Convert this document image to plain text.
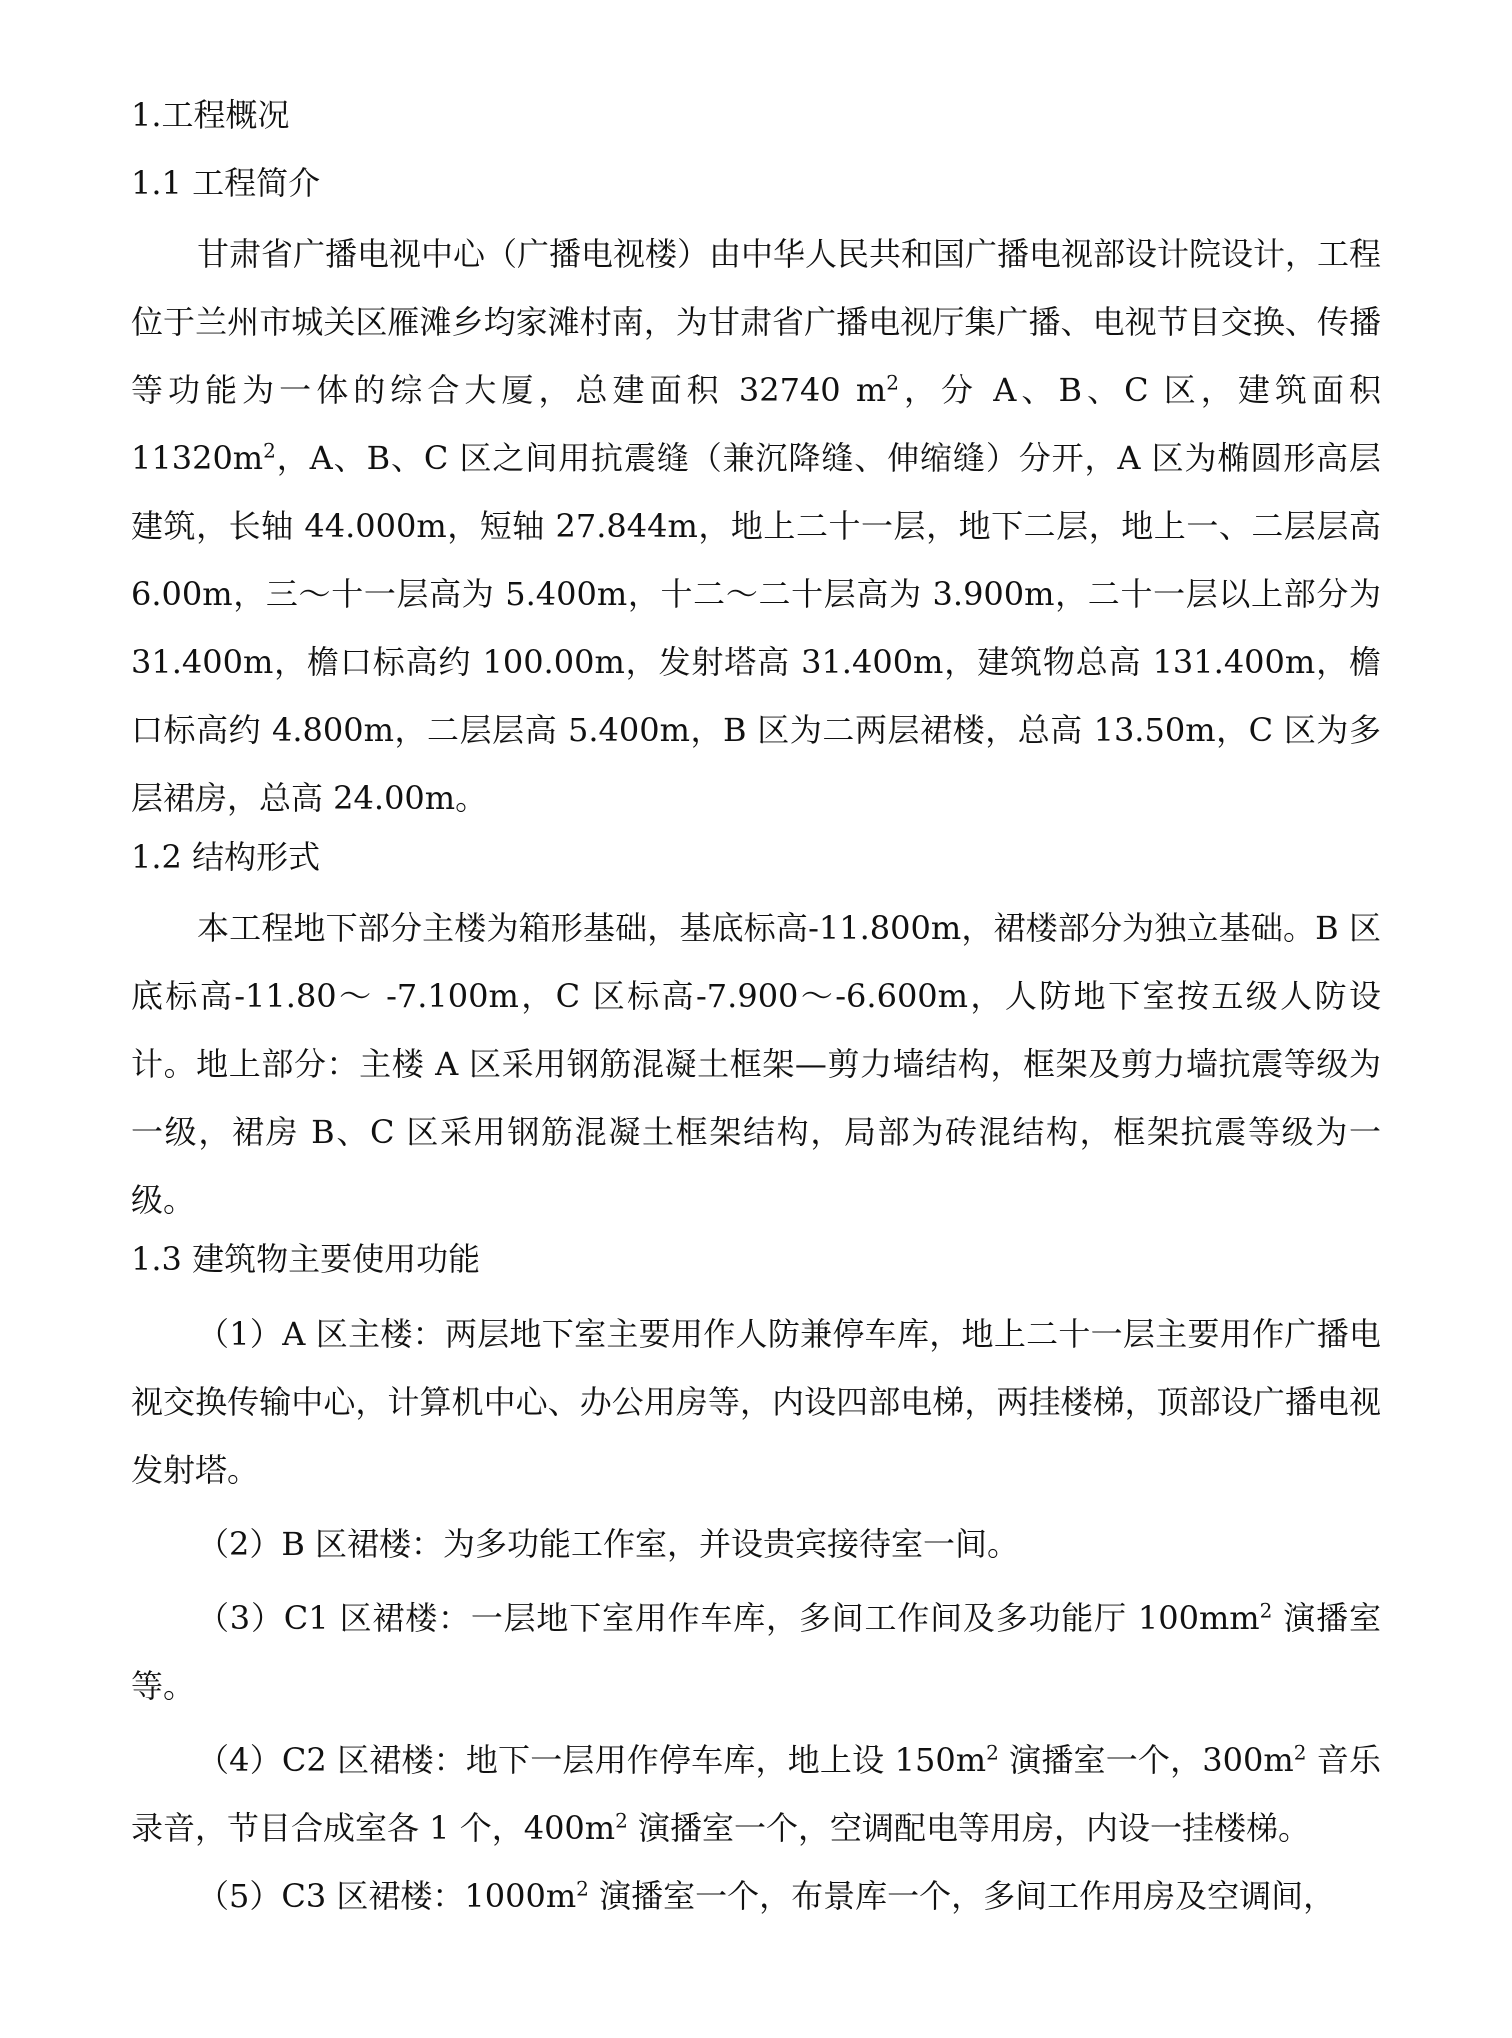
1.工程概况
1.1 工程简介

甘肃省广播电视中心（广播电视楼）由中华人民共和国广播电视部设计院设计，工程位于兰州市城关区雁滩乡均家滩村南，为甘肃省广播电视厅集广播、电视节目交换、传播等功能为一体的综合大厦，总建面积 32740 $m^2$，分 A、B、C 区，建筑面积 $11320m^2$，A、B、C 区之间用抗震缝（兼沉降缝、伸缩缝）分开，A 区为椭圆形高层建筑，长轴 44.000m，短轴 27.844m，地上二十一层，地下二层，地上一、二层层高 6.00m，三～十一层高为 5.400m，十二～二十层高为 3.900m，二十一层以上部分为 31.400m，檐口标高约 100.00m，发射塔高 31.400m，建筑物总高 131.400m，檐口标高约 4.800m，二层层高 5.400m，B 区为二两层裙楼，总高 13.50m，C 区为多层裙房，总高 24.00m。

1.2 结构形式

本工程地下部分主楼为箱形基础，基底标高-11.800m，裙楼部分为独立基础。B 区底标高-11.80～ -7.100m，C 区标高-7.900～-6.600m，人防地下室按五级人防设计。地上部分：主楼 A 区采用钢筋混凝土框架—剪力墙结构，框架及剪力墙抗震等级为一级，裙房 B、C 区采用钢筋混凝土框架结构，局部为砖混结构，框架抗震等级为一级。

1.3 建筑物主要使用功能

（1）A 区主楼：两层地下室主要用作人防兼停车库，地上二十一层主要用作广播电视交换传输中心，计算机中心、办公用房等，内设四部电梯，两挂楼梯，顶部设广播电视发射塔。

（2）B 区裙楼：为多功能工作室，并设贵宾接待室一间。

（3）C1 区裙楼：一层地下室用作车库，多间工作间及多功能厅 $100mm^2$ 演播室等。

（4）C2 区裙楼：地下一层用作停车库，地上设 $150m^2$ 演播室一个，$300m^2$ 音乐录音，节目合成室各 1 个，$400m^2$ 演播室一个，空调配电等用房，内设一挂楼梯。

（5）C3 区裙楼：$1000m^2$ 演播室一个，布景库一个，多间工作用房及空调间，
